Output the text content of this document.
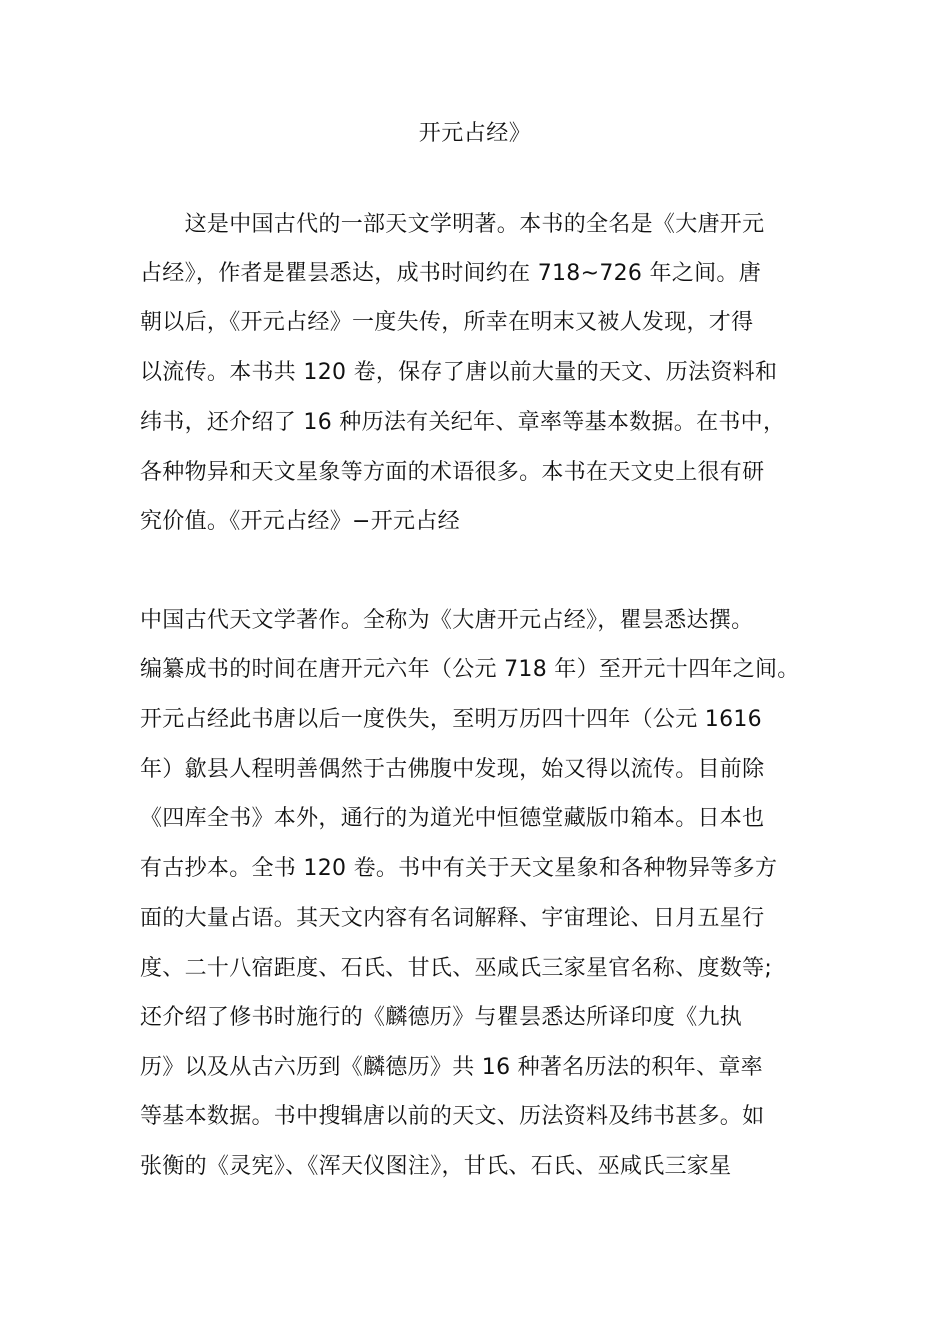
开元占经》
　　这是中国古代的一部天文学明著。本书的全名是《大唐开元
占经》，作者是瞿昙悉达，成书时间约在 718~726 年之间。唐
朝以后，《开元占经》一度失传，所幸在明末又被人发现，才得
以流传。本书共 120 卷，保存了唐以前大量的天文、历法资料和
纬书，还介绍了 16 种历法有关纪年、章率等基本数据。在书中，
各种物异和天文星象等方面的术语很多。本书在天文史上很有研
究价值。《开元占经》−开元占经
中国古代天文学著作。全称为《大唐开元占经》，瞿昙悉达撰。
编纂成书的时间在唐开元六年（公元 718 年）至开元十四年之间。
开元占经此书唐以后一度佚失，至明万历四十四年（公元 1616
年）歙县人程明善偶然于古佛腹中发现，始又得以流传。目前除
《四库全书》本外，通行的为道光中恒德堂藏版巾箱本。日本也
有古抄本。全书 120 卷。书中有关于天文星象和各种物异等多方
面的大量占语。其天文内容有名词解释、宇宙理论、日月五星行
度、二十八宿距度、石氏、甘氏、巫咸氏三家星官名称、度数等;
还介绍了修书时施行的《麟德历》与瞿昙悉达所译印度《九执
历》以及从古六历到《麟德历》共 16 种著名历法的积年、章率
等基本数据。书中搜辑唐以前的天文、历法资料及纬书甚多。如
张衡的《灵宪》、《浑天仪图注》，甘氏、石氏、巫咸氏三家星
